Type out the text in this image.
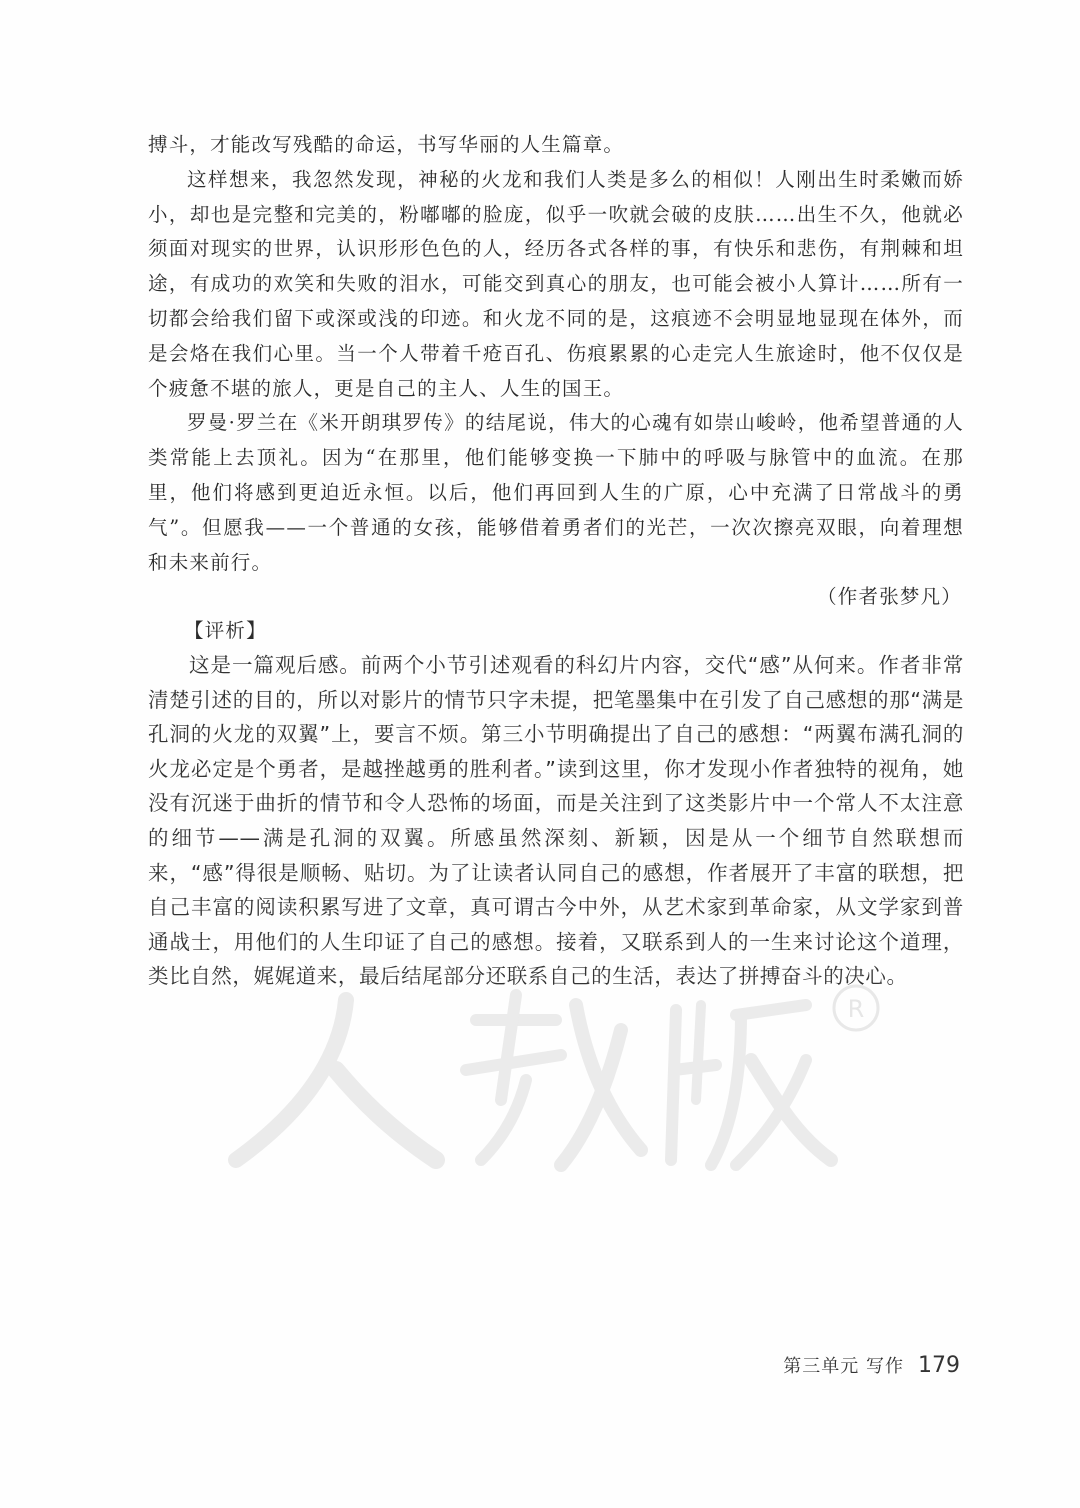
搏斗，才能改写残酷的命运，书写华丽的人生篇章。

这样想来，我忽然发现，神秘的火龙和我们人类是多么的相似！人刚出生时柔嫩而娇小，却也是完整和完美的，粉嘟嘟的脸庞，似乎一吹就会破的皮肤……出生不久，他就必须面对现实的世界，认识形形色色的人，经历各式各样的事，有快乐和悲伤，有荆棘和坦途，有成功的欢笑和失败的泪水，可能交到真心的朋友，也可能会被小人算计……所有一切都会给我们留下或深或浅的印迹。和火龙不同的是，这痕迹不会明显地显现在体外，而是会烙在我们心里。当一个人带着千疮百孔、伤痕累累的心走完人生旅途时，他不仅仅是个疲惫不堪的旅人，更是自己的主人、人生的国王。

罗曼·罗兰在《米开朗琪罗传》的结尾说，伟大的心魂有如崇山峻岭，他希望普通的人类常能上去顶礼。因为“在那里，他们能够变换一下肺中的呼吸与脉管中的血流。在那里，他们将感到更迫近永恒。以后，他们再回到人生的广原，心中充满了日常战斗的勇气”。但愿我——一个普通的女孩，能够借着勇者们的光芒，一次次擦亮双眼，向着理想和未来前行。

（作者张梦凡）
【评析】

这是一篇观后感。前两个小节引述观看的科幻片内容，交代“感”从何来。作者非常清楚引述的目的，所以对影片的情节只字未提，把笔墨集中在引发了自己感想的那“满是孔洞的火龙的双翼”上，要言不烦。第三小节明确提出了自己的感想：“两翼布满孔洞的火龙必定是个勇者，是越挫越勇的胜利者。”读到这里，你才发现小作者独特的视角，她没有沉迷于曲折的情节和令人恐怖的场面，而是关注到了这类影片中一个常人不太注意的细节——满是孔洞的双翼。所感虽然深刻、新颖，因是从一个细节自然联想而来，“感”得很是顺畅、贴切。为了让读者认同自己的感想，作者展开了丰富的联想，把自己丰富的阅读积累写进了文章，真可谓古今中外，从艺术家到革命家，从文学家到普通战士，用他们的人生印证了自己的感想。接着，又联系到人的一生来讨论这个道理，类比自然，娓娓道来，最后结尾部分还联系自己的生活，表达了拼搏奋斗的决心。

R
第三单元 写作 179
